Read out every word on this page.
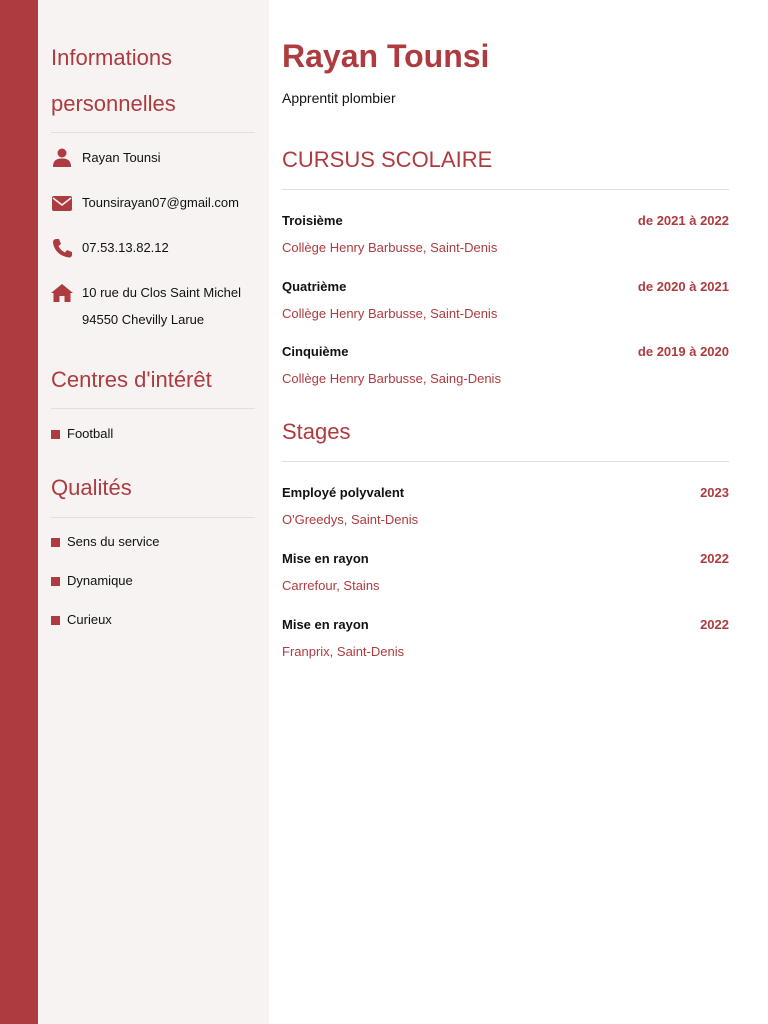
Informations

personnelles

Rayan Tounsi
Tounsirayan07@gmail.com
07.53.13.82.12
10 rue du Clos Saint Michel
94550 Chevilly Larue

Centres d'intérêt

Football

Qualités

Sens du service
Dynamique
Curieux
Rayan Tounsi
Apprentit plombier
CURSUS SCOLAIRE
Troisième	de 2021 à 2022
Collège Henry Barbusse, Saint-Denis
Quatrième	de 2020 à 2021
Collège Henry Barbusse, Saint-Denis
Cinquième	de 2019 à 2020
Collège Henry Barbusse, Saing-Denis
Stages
Employé polyvalent	2023
O'Greedys, Saint-Denis
Mise en rayon	2022
Carrefour, Stains
Mise en rayon	2022
Franprix, Saint-Denis
